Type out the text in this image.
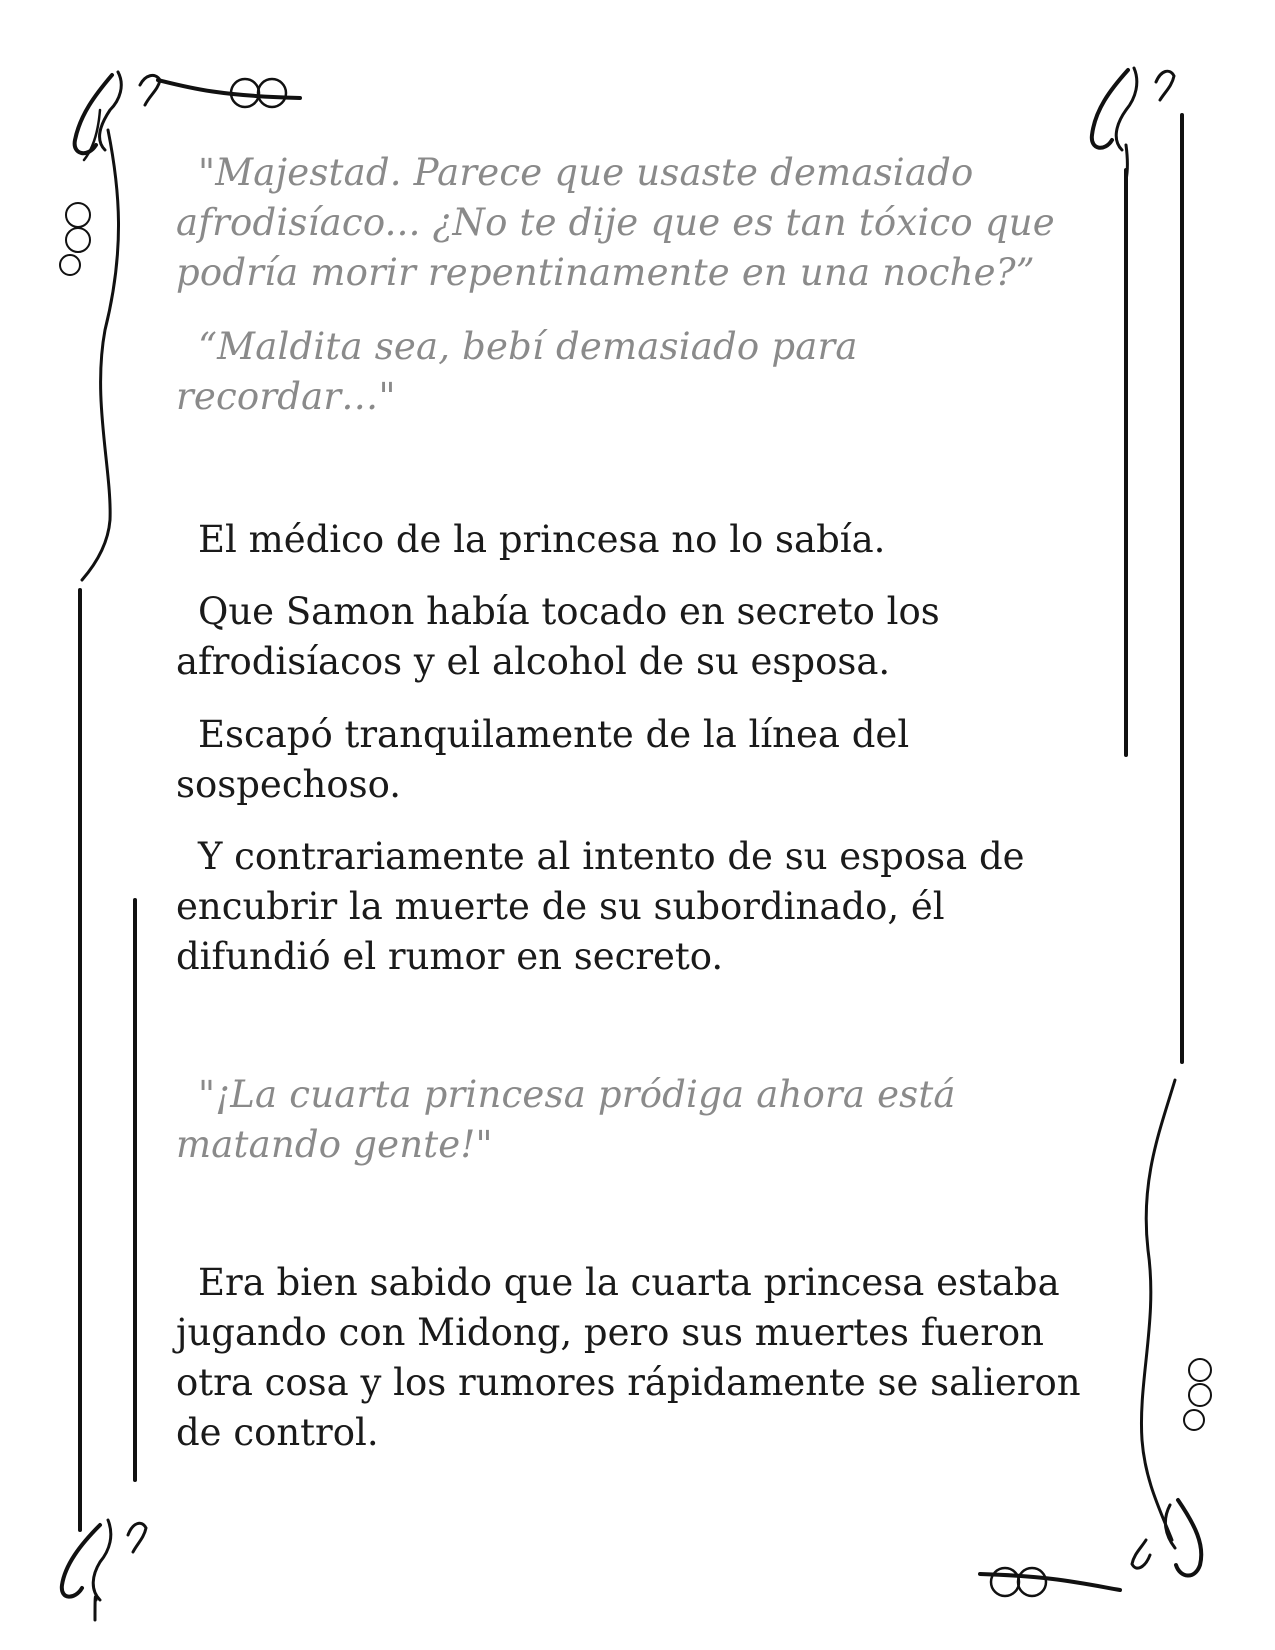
"Majestad. Parece que usaste demasiado afrodisíaco... ¿No te dije que es tan tóxico que podría morir repentinamente en una noche?”

“Maldita sea, bebí demasiado para recordar…"

El médico de la princesa no lo sabía.

Que Samon había tocado en secreto los afrodisíacos y el alcohol de su esposa.

Escapó tranquilamente de la línea del sospechoso.

Y contrariamente al intento de su esposa de encubrir la muerte de su subordinado, él difundió el rumor en secreto.

"¡La cuarta princesa pródiga ahora está matando gente!"

Era bien sabido que la cuarta princesa estaba jugando con Midong, pero sus muertes fueron otra cosa y los rumores rápidamente se salieron de control.
